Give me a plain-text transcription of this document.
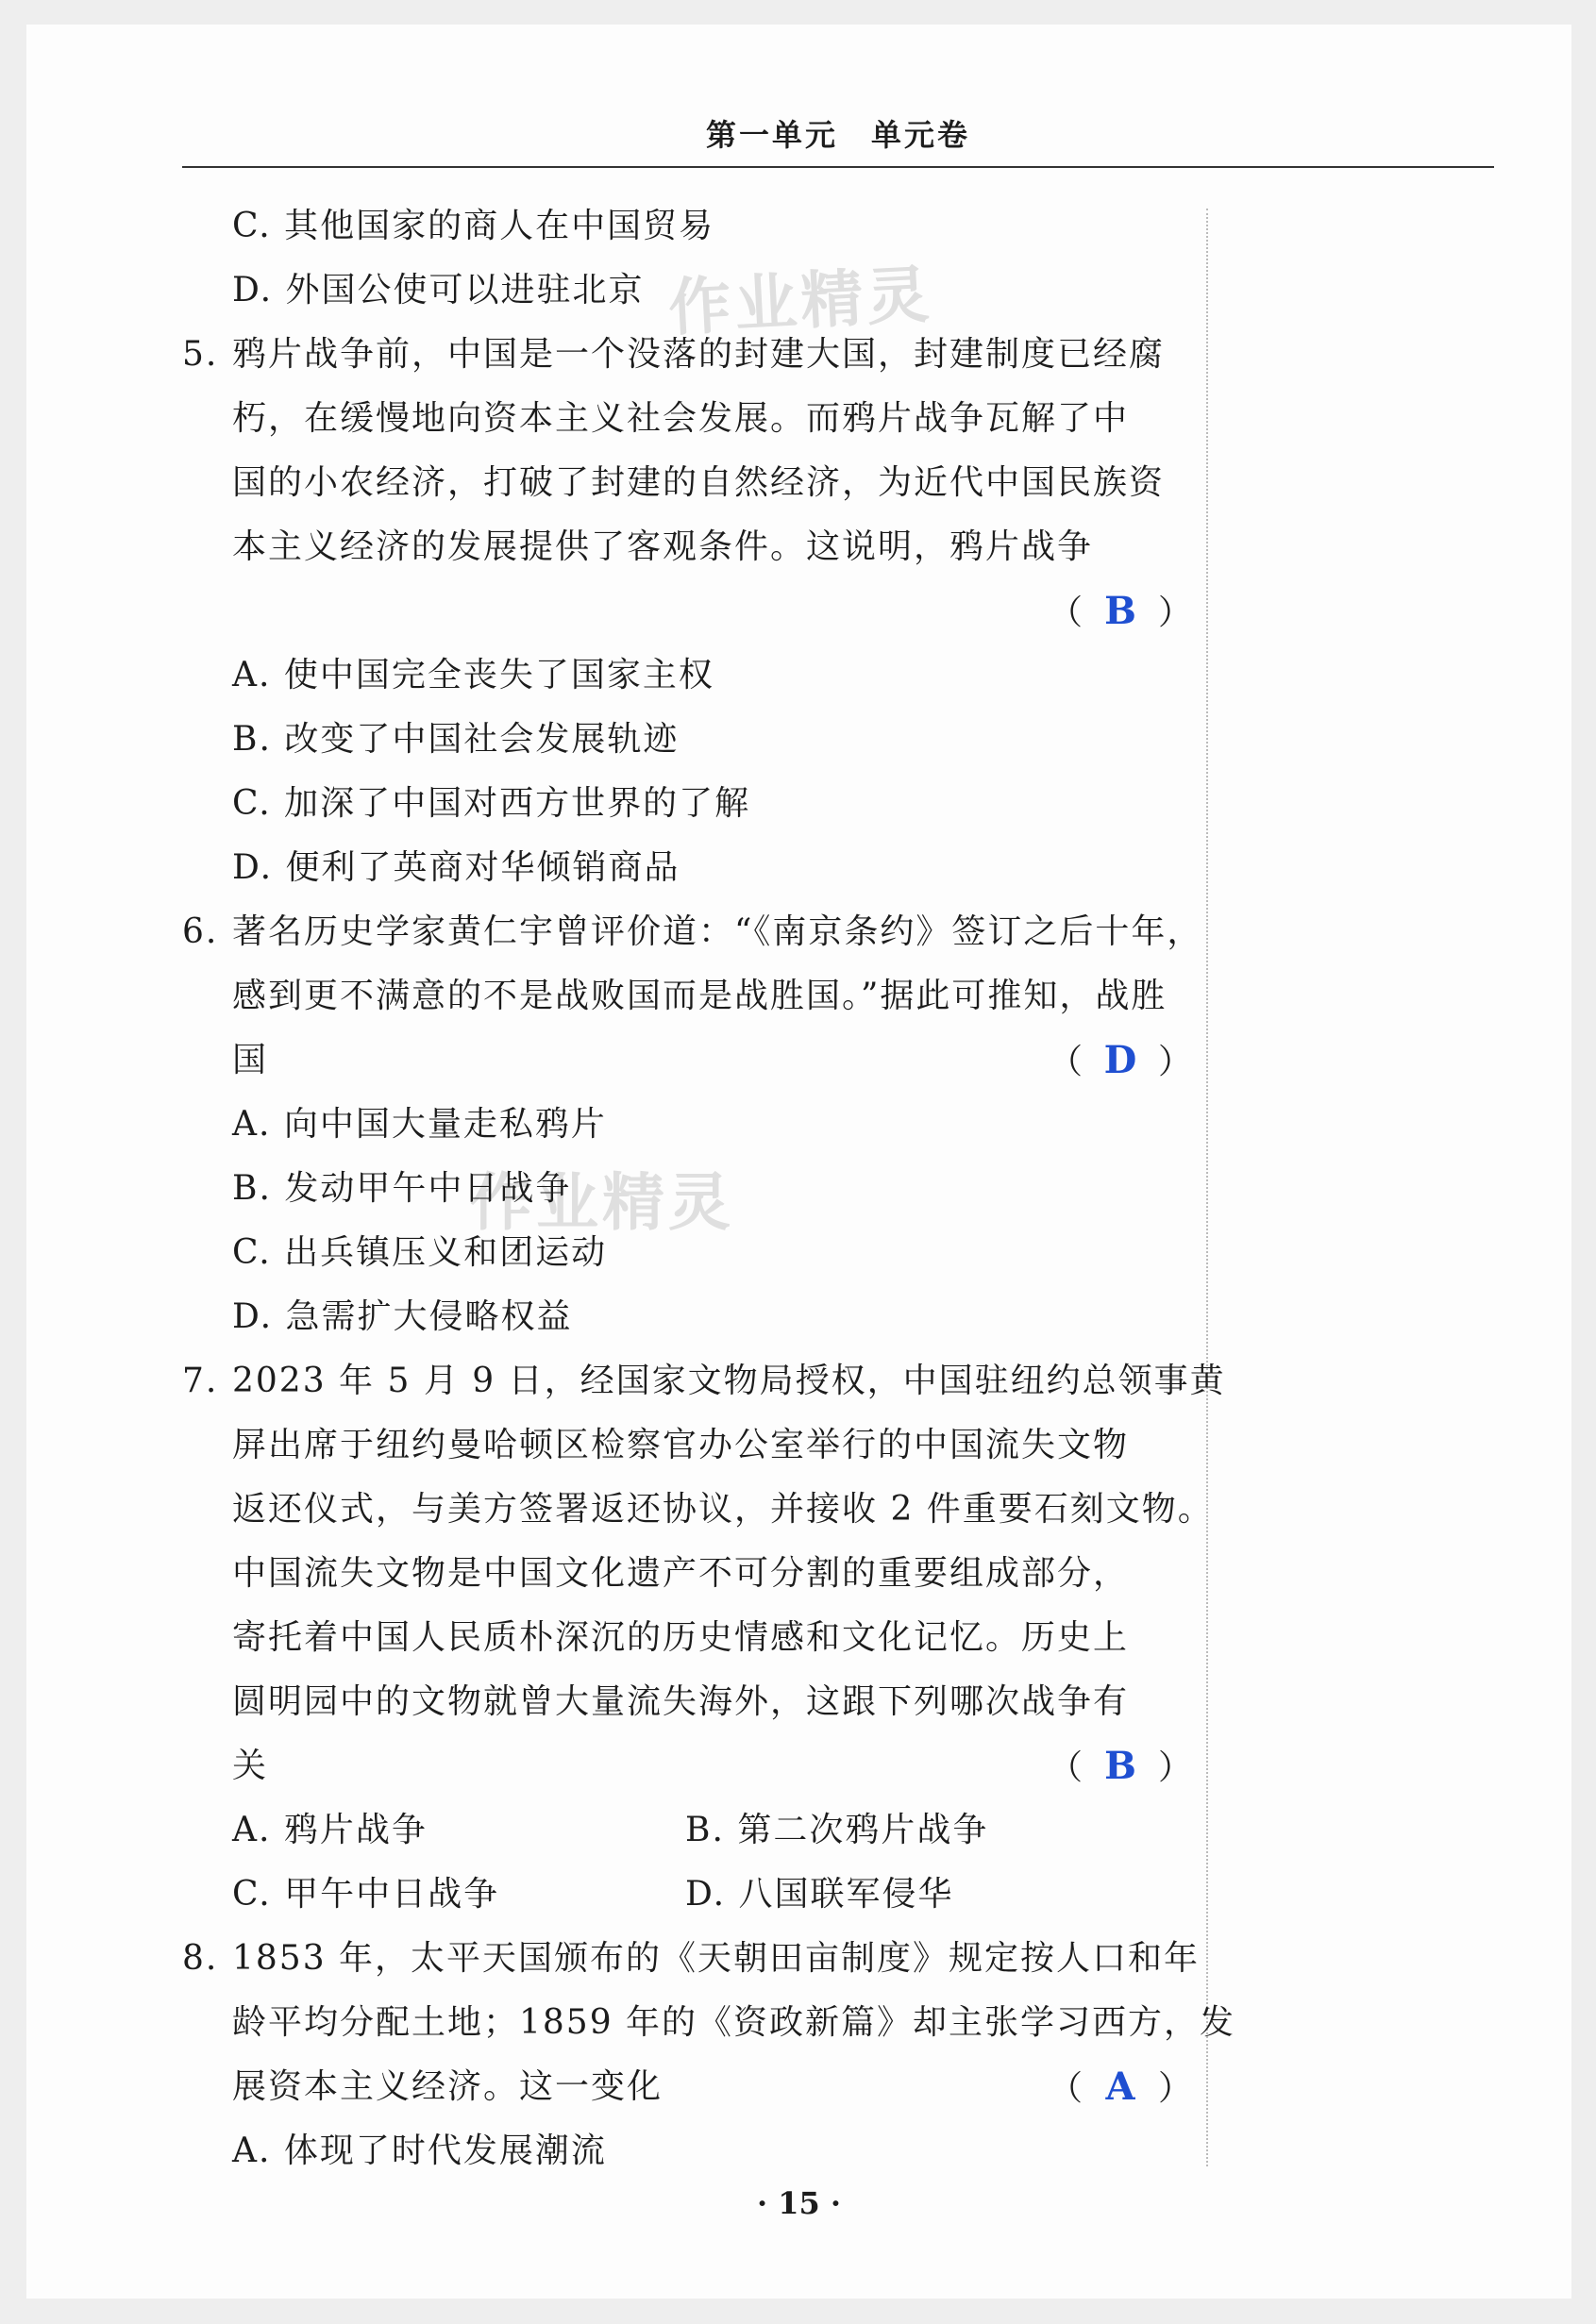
第一单元　单元卷
作业精灵
作业精灵
C. 其他国家的商人在中国贸易
D. 外国公使可以进驻北京
5. 鸦片战争前，中国是一个没落的封建大国，封建制度已经腐
朽，在缓慢地向资本主义社会发展。而鸦片战争瓦解了中
国的小农经济，打破了封建的自然经济，为近代中国民族资
本主义经济的发展提供了客观条件。这说明，鸦片战争
（ B ）
A. 使中国完全丧失了国家主权
B. 改变了中国社会发展轨迹
C. 加深了中国对西方世界的了解
D. 便利了英商对华倾销商品
6. 著名历史学家黄仁宇曾评价道：“《南京条约》签订之后十年，
感到更不满意的不是战败国而是战胜国。”据此可推知，战胜
国	（ D ）
A. 向中国大量走私鸦片
B. 发动甲午中日战争
C. 出兵镇压义和团运动
D. 急需扩大侵略权益
7. 2023 年 5 月 9 日，经国家文物局授权，中国驻纽约总领事黄
屏出席于纽约曼哈顿区检察官办公室举行的中国流失文物
返还仪式，与美方签署返还协议，并接收 2 件重要石刻文物。
中国流失文物是中国文化遗产不可分割的重要组成部分，
寄托着中国人民质朴深沉的历史情感和文化记忆。历史上
圆明园中的文物就曾大量流失海外，这跟下列哪次战争有
关	（ B ）
A. 鸦片战争	B. 第二次鸦片战争
C. 甲午中日战争	D. 八国联军侵华
8. 1853 年，太平天国颁布的《天朝田亩制度》规定按人口和年
龄平均分配土地；1859 年的《资政新篇》却主张学习西方，发
展资本主义经济。这一变化	（ A ）
A. 体现了时代发展潮流
· 15 ·
